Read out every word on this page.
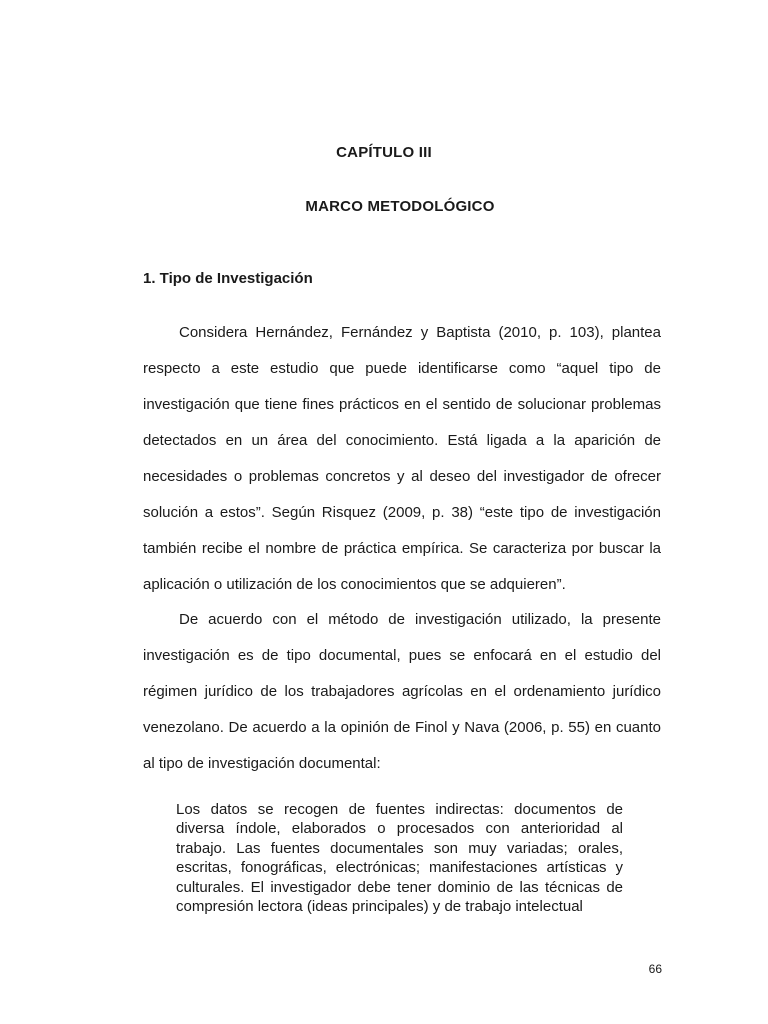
CAPÍTULO III
MARCO METODOLÓGICO
1. Tipo de Investigación

Considera Hernández, Fernández y Baptista (2010, p. 103), plantea respecto a este estudio que puede identificarse como “aquel tipo de investigación que tiene fines prácticos en el sentido de solucionar problemas detectados en un área del conocimiento. Está ligada a la aparición de necesidades o problemas concretos y al deseo del investigador de ofrecer solución a estos”. Según Risquez (2009, p. 38) “este tipo de investigación también recibe el nombre de práctica empírica. Se caracteriza por buscar la aplicación o utilización de los conocimientos que se adquieren”.

De acuerdo con el método de investigación utilizado, la presente investigación es de tipo documental, pues se enfocará en el estudio del régimen jurídico de los trabajadores agrícolas en el ordenamiento jurídico venezolano. De acuerdo a la opinión de Finol y Nava (2006, p. 55) en cuanto al tipo de investigación documental:

Los datos se recogen de fuentes indirectas: documentos de diversa índole, elaborados o procesados con anterioridad al trabajo. Las fuentes documentales son muy variadas; orales, escritas, fonográficas, electrónicas; manifestaciones artísticas y culturales. El investigador debe tener dominio de las técnicas de compresión lectora (ideas principales) y de trabajo intelectual

66
